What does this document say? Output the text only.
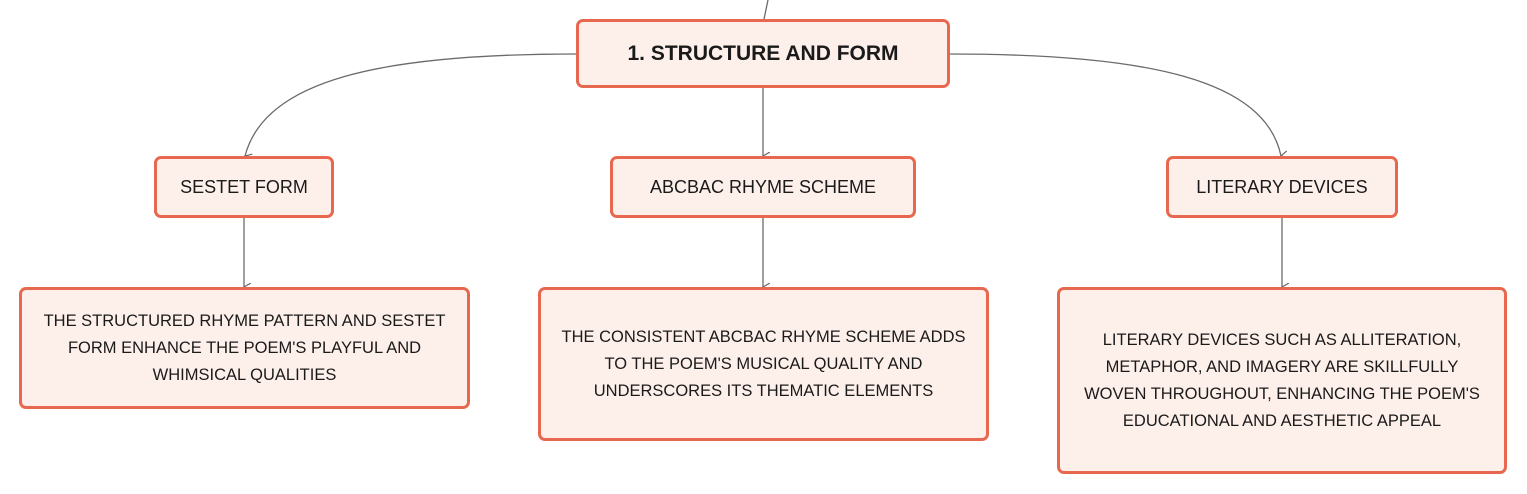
1. STRUCTURE AND FORM
SESTET FORM	ABCBAC RHYME SCHEME	LITERARY DEVICES
THE STRUCTURED RHYME PATTERN AND SESTET FORM ENHANCE THE POEM'S PLAYFUL AND WHIMSICAL QUALITIES
THE CONSISTENT ABCBAC RHYME SCHEME ADDS TO THE POEM'S MUSICAL QUALITY AND UNDERSCORES ITS THEMATIC ELEMENTS
LITERARY DEVICES SUCH AS ALLITERATION, METAPHOR, AND IMAGERY ARE SKILLFULLY WOVEN THROUGHOUT, ENHANCING THE POEM'S EDUCATIONAL AND AESTHETIC APPEAL
